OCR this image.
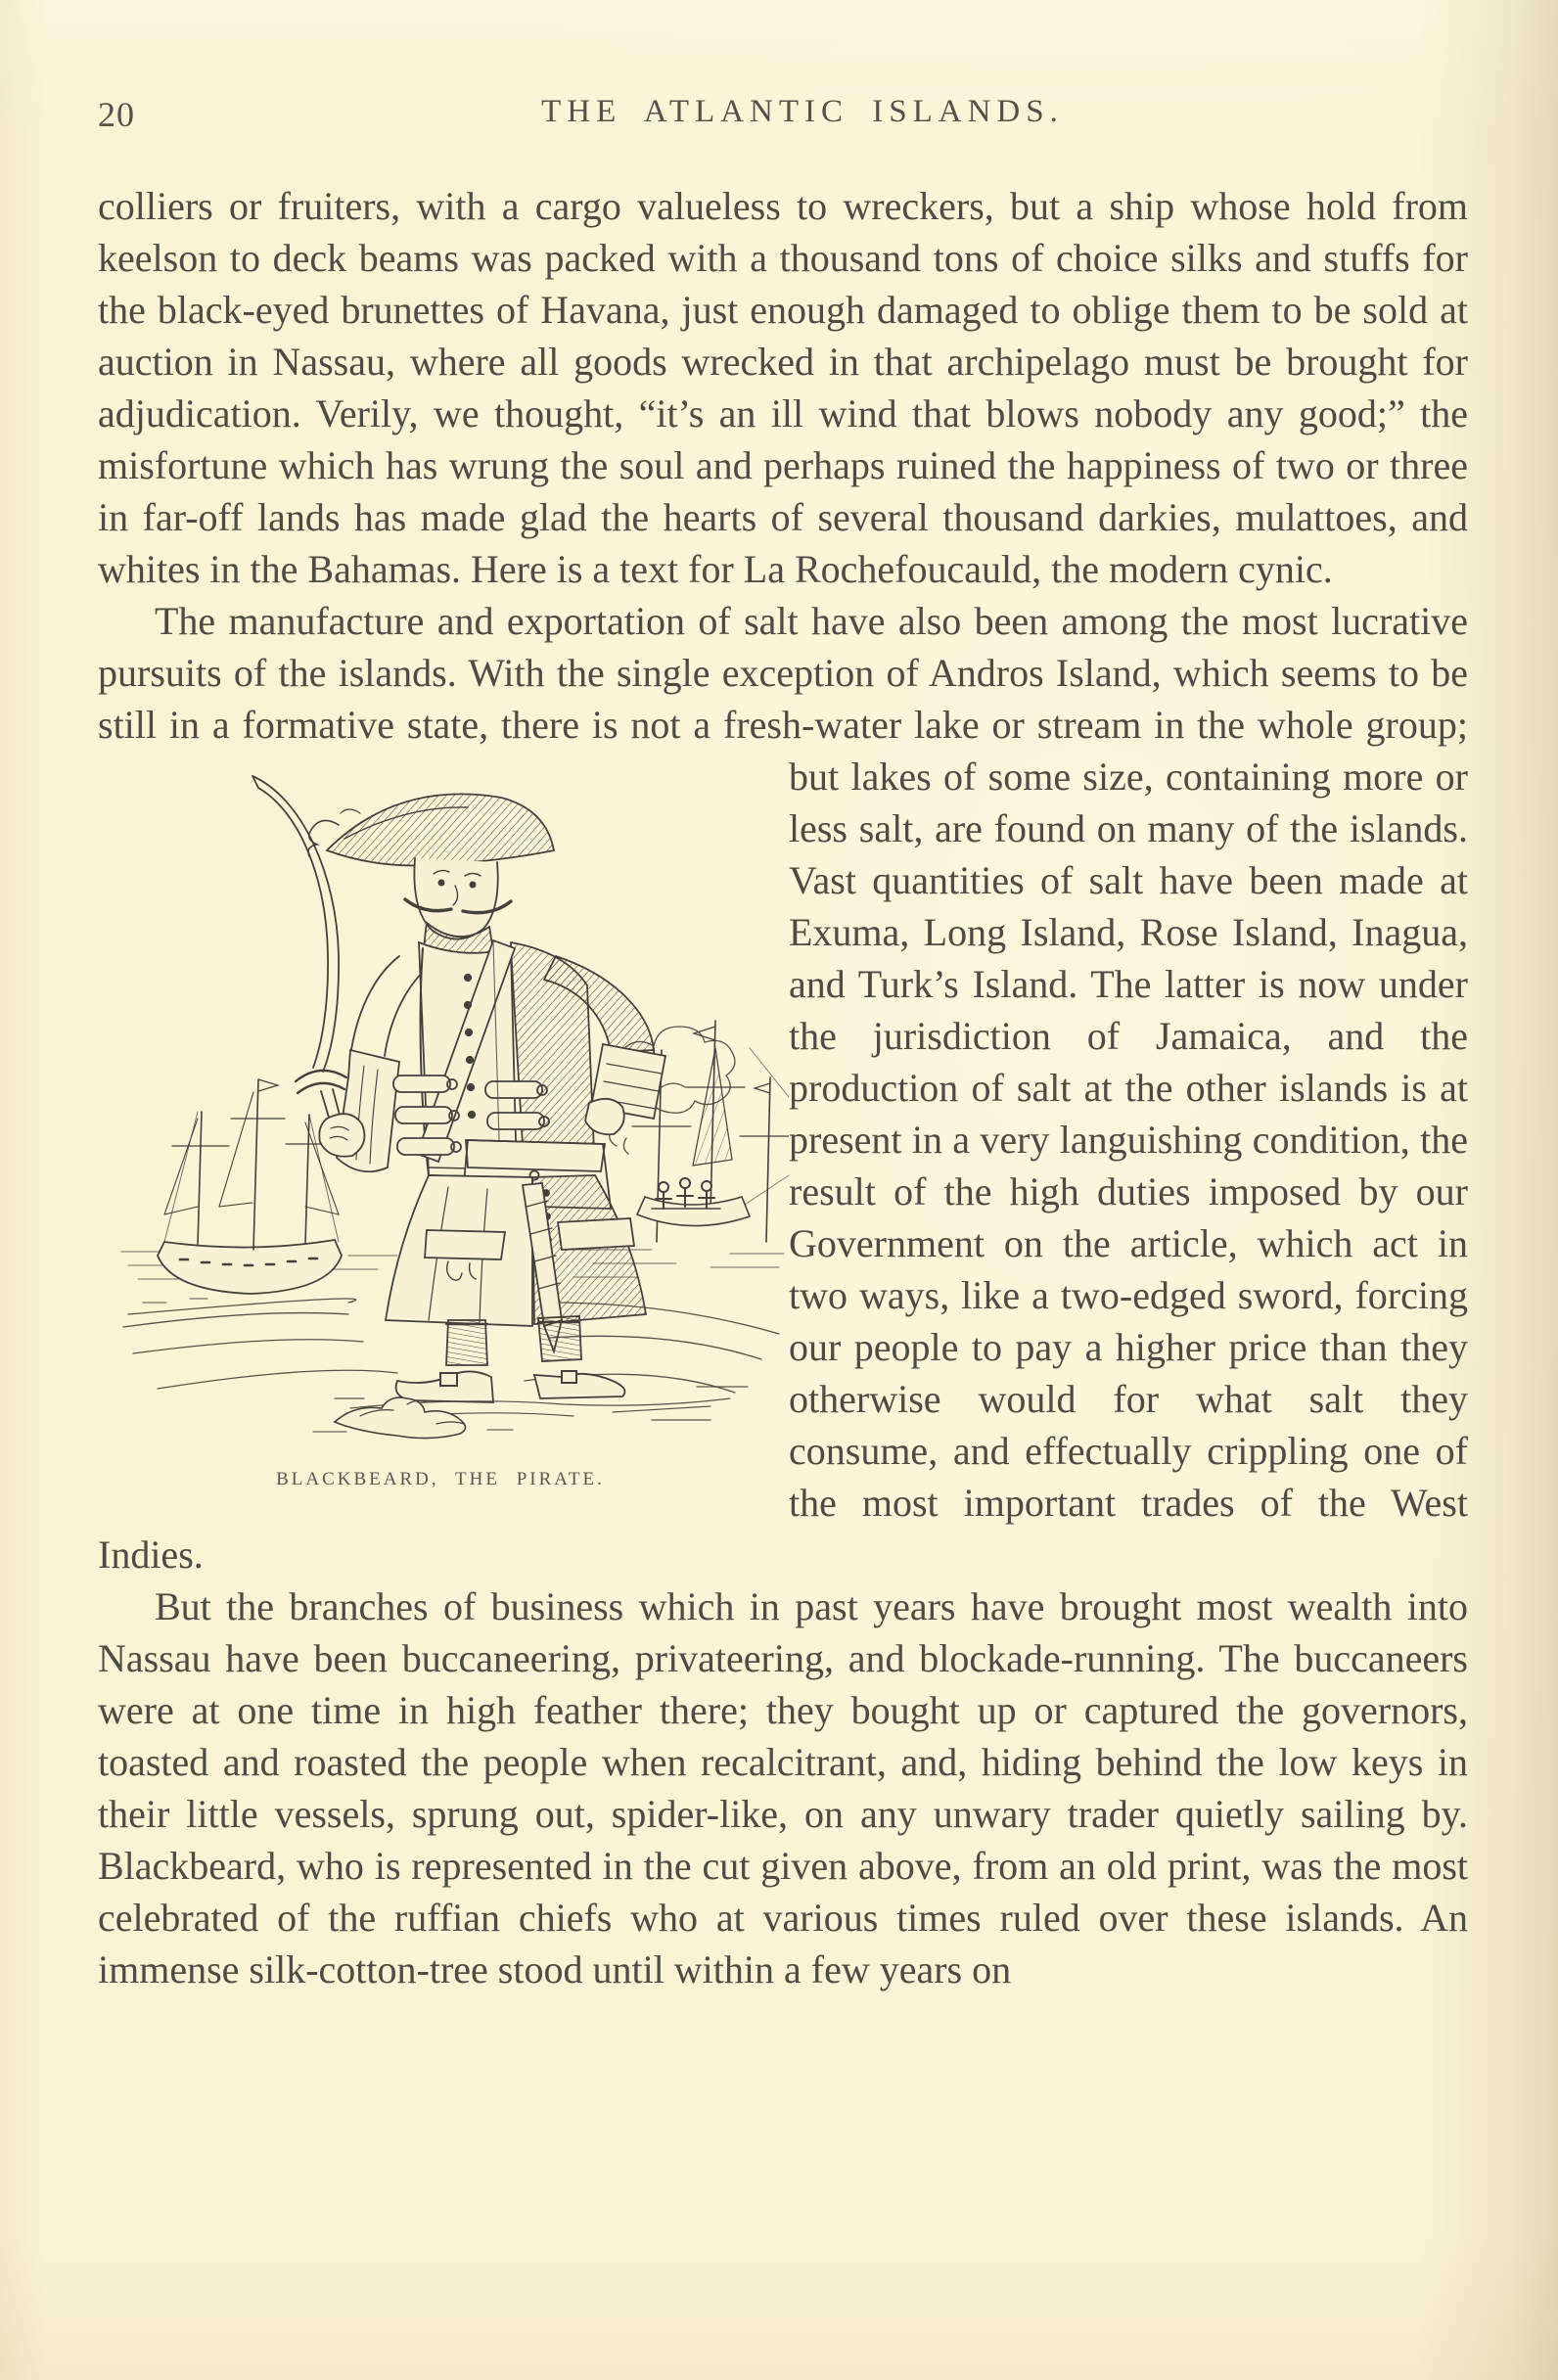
20	THE ATLANTIC ISLANDS.

colliers or fruiters, with a cargo valueless to wreckers, but a ship whose hold from keelson to deck beams was packed with a thousand tons of choice silks and stuffs for the black-eyed brunettes of Havana, just enough damaged to oblige them to be sold at auction in Nassau, where all goods wrecked in that archipelago must be brought for adjudication. Verily, we thought, “it’s an ill wind that blows nobody any good;” the misfortune which has wrung the soul and perhaps ruined the happiness of two or three in far-off lands has made glad the hearts of several thousand darkies, mulattoes, and whites in the Bahamas. Here is a text for La Rochefoucauld, the modern cynic.

The manufacture and exportation of salt have also been among the most lucrative pursuits of the islands. With the single exception of Andros Island, which seems to be still in a formative state, there is not a fresh-
BLACKBEARD, THE PIRATE.
water lake or stream in the whole group; but lakes of some size, containing more or less salt, are found on many of the islands. Vast quantities of salt have been made at Exuma, Long Island, Rose Island, Inagua, and Turk’s Island. The latter is now under the jurisdiction of Jamaica, and the production of salt at the other islands is at present in a very languishing condition, the result of the high duties imposed by our Government on the article, which act in two ways, like a two-edged sword, forcing our people to pay a higher price than they otherwise would for what salt they consume, and effectually crippling one of the most important trades of the West Indies.

But the branches of business which in past years have brought most wealth into Nassau have been buccaneering, privateering, and blockade-running. The buccaneers were at one time in high feather there; they bought up or captured the governors, toasted and roasted the people when recalcitrant, and, hiding behind the low keys in their little vessels, sprung out, spider-like, on any unwary trader quietly sailing by. Blackbeard, who is represented in the cut given above, from an old print, was the most celebrated of the ruffian chiefs who at various times ruled over these islands. An immense silk-cotton-tree stood until within a few years on
